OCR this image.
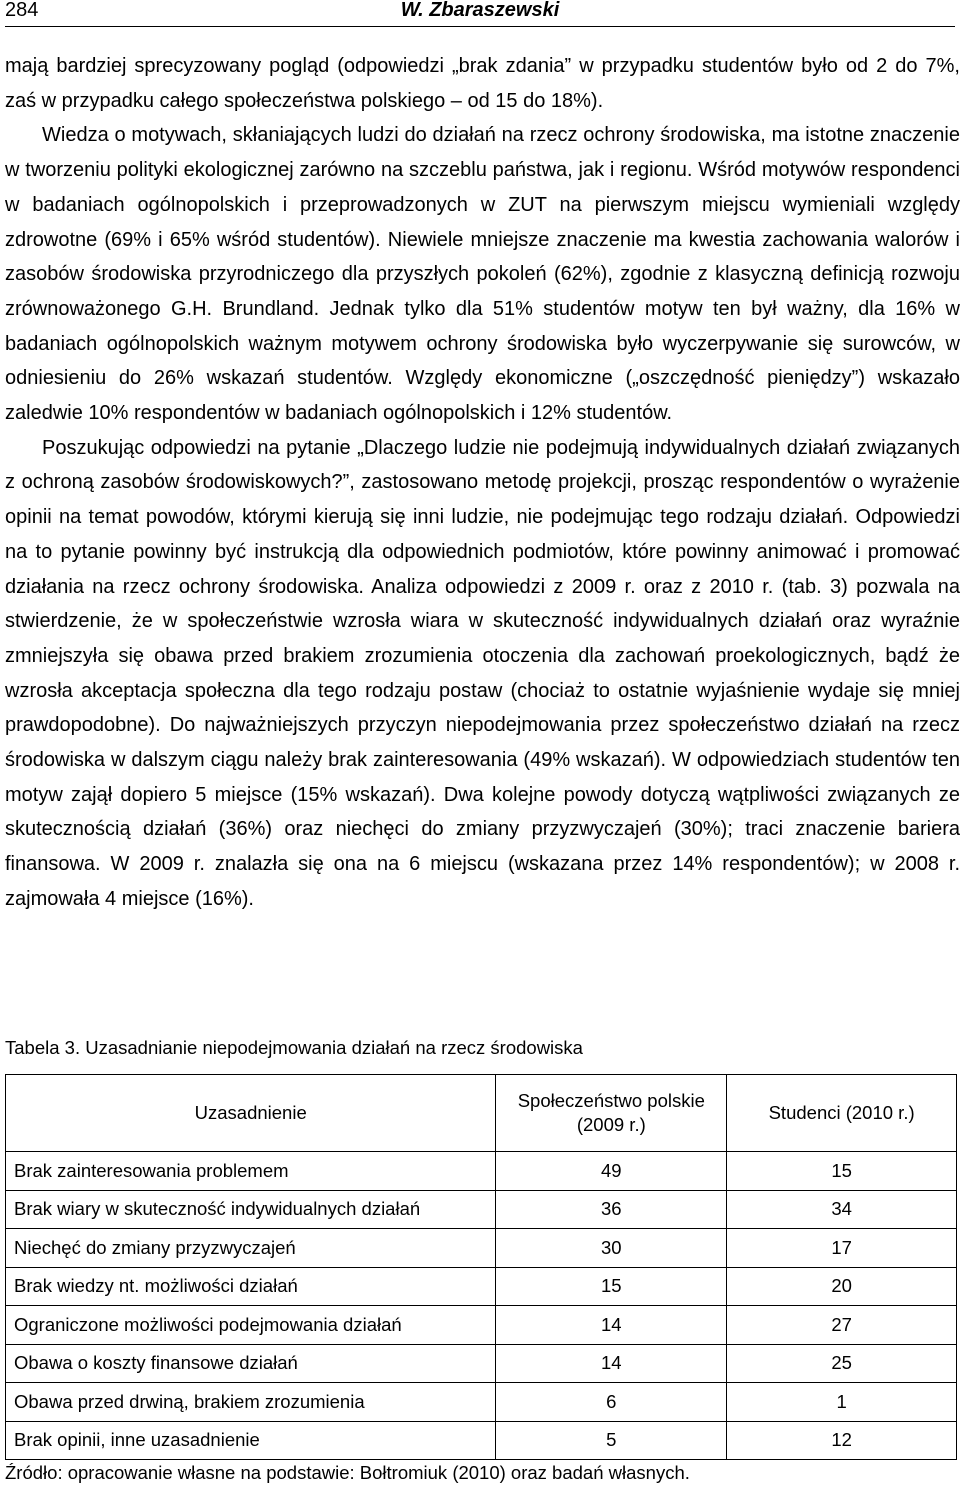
284	W. Zbaraszewski

mają bardziej sprecyzowany pogląd (odpowiedzi „brak zdania” w przypadku studentów było od 2 do 7%, zaś w przypadku całego społeczeństwa polskiego – od 15 do 18%).

Wiedza o motywach, skłaniających ludzi do działań na rzecz ochrony środowiska, ma istotne znaczenie w tworzeniu polityki ekologicznej zarówno na szczeblu państwa, jak i regionu. Wśród motywów respondenci w badaniach ogólnopolskich i przeprowadzonych w ZUT na pierwszym miejscu wymieniali względy zdrowotne (69% i 65% wśród studentów). Niewiele mniejsze znaczenie ma kwestia zachowania walorów i zasobów środowiska przyrodniczego dla przyszłych pokoleń (62%), zgodnie z klasyczną definicją rozwoju zrównoważonego G.H. Brundland. Jednak tylko dla 51% studentów motyw ten był ważny, dla 16% w badaniach ogólnopolskich ważnym motywem ochrony środowiska było wyczerpywanie się surowców, w odniesieniu do 26% wskazań studentów. Względy ekonomiczne („oszczędność pieniędzy”) wskazało zaledwie 10% respondentów w badaniach ogólnopolskich i 12% studentów.

Poszukując odpowiedzi na pytanie „Dlaczego ludzie nie podejmują indywidualnych działań związanych z ochroną zasobów środowiskowych?”, zastosowano metodę projekcji, prosząc respondentów o wyrażenie opinii na temat powodów, którymi kierują się inni ludzie, nie podejmując tego rodzaju działań. Odpowiedzi na to pytanie powinny być instrukcją dla odpowiednich podmiotów, które powinny animować i promować działania na rzecz ochrony środowiska. Analiza odpowiedzi z 2009 r. oraz z 2010 r. (tab. 3) pozwala na stwierdzenie, że w społeczeństwie wzrosła wiara w skuteczność indywidualnych działań oraz wyraźnie zmniejszyła się obawa przed brakiem zrozumienia otoczenia dla zachowań proekologicznych, bądź że wzrosła akceptacja społeczna dla tego rodzaju postaw (chociaż to ostatnie wyjaśnienie wydaje się mniej prawdopodobne). Do najważniejszych przyczyn niepodejmowania przez społeczeństwo działań na rzecz środowiska w dalszym ciągu należy brak zainteresowania (49% wskazań). W odpowiedziach studentów ten motyw zajął dopiero 5 miejsce (15% wskazań). Dwa kolejne powody dotyczą wątpliwości związanych ze skutecznością działań (36%) oraz niechęci do zmiany przyzwyczajeń (30%); traci znaczenie bariera finansowa. W 2009 r. znalazła się ona na 6 miejscu (wskazana przez 14% respondentów); w 2008 r. zajmowała 4 miejsce (16%).

Tabela 3. Uzasadnianie niepodejmowania działań na rzecz środowiska
Uzasadnienie	Społeczeństwo polskie (2009 r.)	Studenci (2010 r.)
Brak zainteresowania problemem	49	15
Brak wiary w skuteczność indywidualnych działań	36	34
Niechęć do zmiany przyzwyczajeń	30	17
Brak wiedzy nt. możliwości działań	15	20
Ograniczone możliwości podejmowania działań	14	27
Obawa o koszty finansowe działań	14	25
Obawa przed drwiną, brakiem zrozumienia	6	1
Brak opinii, inne uzasadnienie	5	12
Źródło: opracowanie własne na podstawie: Bołtromiuk (2010) oraz badań własnych.
